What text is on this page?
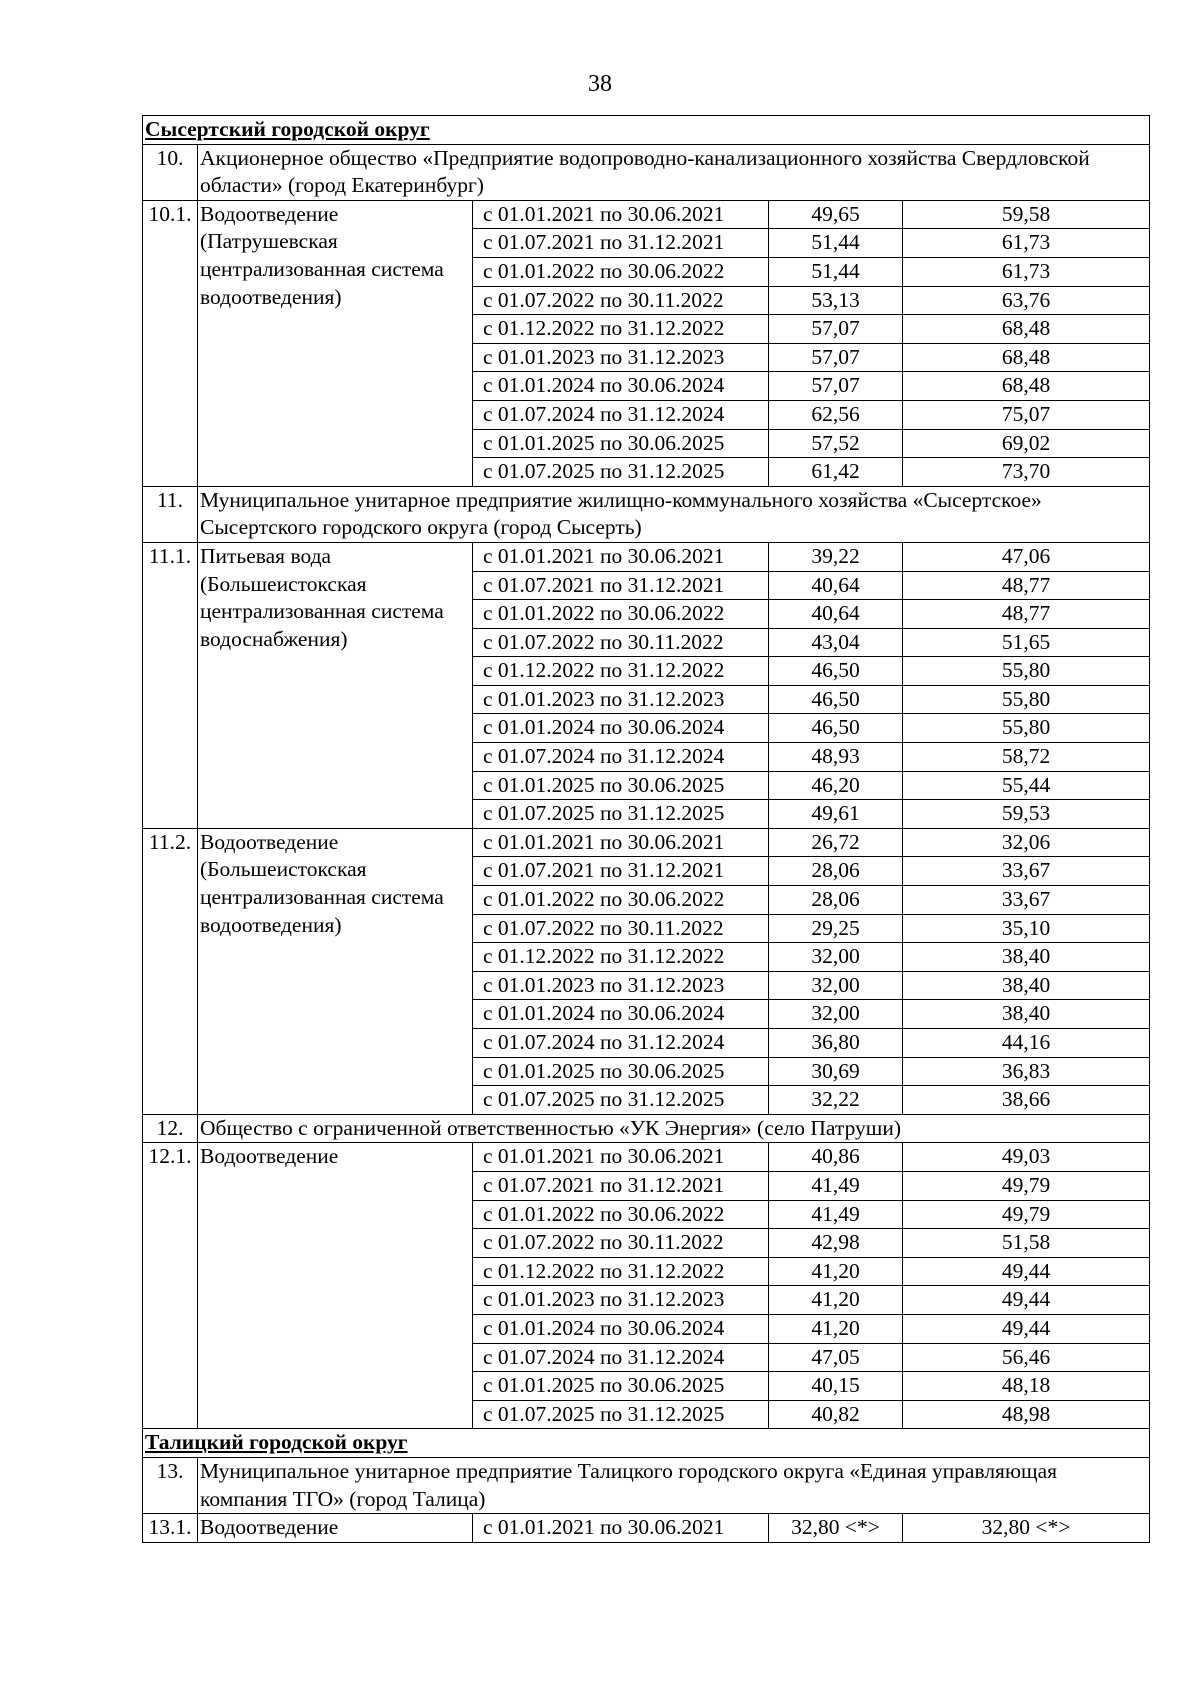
38
Сысертский городской округ				
10.	Акционерное общество «Предприятие водопроводно-канализационного хозяйства Свердловской области» (город Екатеринбург)			
10.1.	Водоотведение (Патрушевская централизованная система водоотведения)	с 01.01.2021 по 30.06.2021	49,65	59,58
		с 01.07.2021 по 31.12.2021	51,44	61,73
		с 01.01.2022 по 30.06.2022	51,44	61,73
		с 01.07.2022 по 30.11.2022	53,13	63,76
		с 01.12.2022 по 31.12.2022	57,07	68,48
		с 01.01.2023 по 31.12.2023	57,07	68,48
		с 01.01.2024 по 30.06.2024	57,07	68,48
		с 01.07.2024 по 31.12.2024	62,56	75,07
		с 01.01.2025 по 30.06.2025	57,52	69,02
		с 01.07.2025 по 31.12.2025	61,42	73,70
11.	Муниципальное унитарное предприятие жилищно-коммунального хозяйства «Сысертское» Сысертского городского округа (город Сысерть)			
11.1.	Питьевая вода (Большеистокская централизованная система водоснабжения)	с 01.01.2021 по 30.06.2021	39,22	47,06
		с 01.07.2021 по 31.12.2021	40,64	48,77
		с 01.01.2022 по 30.06.2022	40,64	48,77
		с 01.07.2022 по 30.11.2022	43,04	51,65
		с 01.12.2022 по 31.12.2022	46,50	55,80
		с 01.01.2023 по 31.12.2023	46,50	55,80
		с 01.01.2024 по 30.06.2024	46,50	55,80
		с 01.07.2024 по 31.12.2024	48,93	58,72
		с 01.01.2025 по 30.06.2025	46,20	55,44
		с 01.07.2025 по 31.12.2025	49,61	59,53
11.2.	Водоотведение (Большеистокская централизованная система водоотведения)	с 01.01.2021 по 30.06.2021	26,72	32,06
		с 01.07.2021 по 31.12.2021	28,06	33,67
		с 01.01.2022 по 30.06.2022	28,06	33,67
		с 01.07.2022 по 30.11.2022	29,25	35,10
		с 01.12.2022 по 31.12.2022	32,00	38,40
		с 01.01.2023 по 31.12.2023	32,00	38,40
		с 01.01.2024 по 30.06.2024	32,00	38,40
		с 01.07.2024 по 31.12.2024	36,80	44,16
		с 01.01.2025 по 30.06.2025	30,69	36,83
		с 01.07.2025 по 31.12.2025	32,22	38,66
12.	Общество с ограниченной ответственностью «УК Энергия» (село Патруши)			
12.1.	Водоотведение	с 01.01.2021 по 30.06.2021	40,86	49,03
		с 01.07.2021 по 31.12.2021	41,49	49,79
		с 01.01.2022 по 30.06.2022	41,49	49,79
		с 01.07.2022 по 30.11.2022	42,98	51,58
		с 01.12.2022 по 31.12.2022	41,20	49,44
		с 01.01.2023 по 31.12.2023	41,20	49,44
		с 01.01.2024 по 30.06.2024	41,20	49,44
		с 01.07.2024 по 31.12.2024	47,05	56,46
		с 01.01.2025 по 30.06.2025	40,15	48,18
		с 01.07.2025 по 31.12.2025	40,82	48,98
Талицкий городской округ				
13.	Муниципальное унитарное предприятие Талицкого городского округа «Единая управляющая компания ТГО» (город Талица)			
13.1.	Водоотведение	с 01.01.2021 по 30.06.2021	32,80 <*>	32,80 <*>
